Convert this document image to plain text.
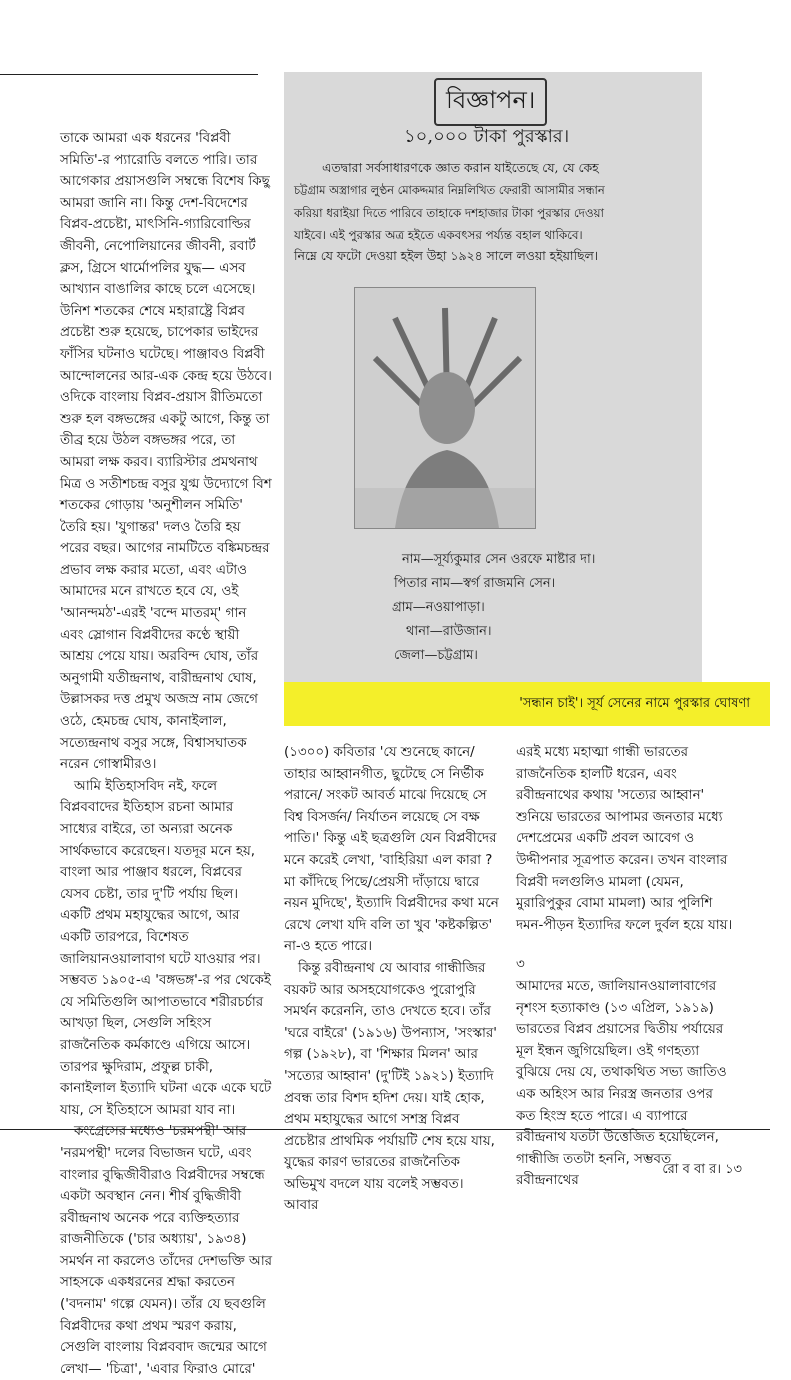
তাকে আমরা এক ধরনের 'বিপ্লবী সমিতি'-র প্যারোডি বলতে পারি। তার আগেকার প্রয়াসগুলি সম্বন্ধে বিশেষ কিছু আমরা জানি না। কিন্তু দেশ-বিদেশের বিপ্লব-প্রচেষ্টা, মাৎসিনি-গ্যারিবোল্ডির জীবনী, নেপোলিয়ানের জীবনী, রবার্ট ক্লস, গ্রিসে থার্মোপলির যুদ্ধ— এসব আখ্যান বাঙালির কাছে চলে এসেছে। উনিশ শতকের শেষে মহারাষ্ট্রে বিপ্লব প্রচেষ্টা শুরু হয়েছে, চাপেকার ভাইদের ফাঁসির ঘটনাও ঘটেছে। পাঞ্জাবও বিপ্লবী আন্দোলনের আর-এক কেন্দ্র হয়ে উঠবে। ওদিকে বাংলায় বিপ্লব-প্রয়াস রীতিমতো শুরু হল বঙ্গভঙ্গের একটু আগে, কিন্তু তা তীব্র হয়ে উঠল বঙ্গভঙ্গর পরে, তা আমরা লক্ষ করব। ব্যারিস্টার প্রমথনাথ মিত্র ও সতীশচন্দ্র বসুর যুগ্ম উদ্যোগে বিশ শতকের গোড়ায় 'অনুশীলন সমিতি' তৈরি হয়। 'যুগান্তর' দলও তৈরি হয় পরের বছর। আগের নামটিতে বঙ্কিমচন্দ্রর প্রভাব লক্ষ করার মতো, এবং এটাও আমাদের মনে রাখতে হবে যে, ওই 'আনন্দমঠ'-এরই 'বন্দে মাতরম্' গান এবং স্লোগান বিপ্লবীদের কণ্ঠে স্থায়ী আশ্রয় পেয়ে যায়। অরবিন্দ ঘোষ, তাঁর অনুগামী যতীন্দ্রনাথ, বারীন্দ্রনাথ ঘোষ, উল্লাসকর দত্ত প্রমুখ অজস্র নাম জেগে ওঠে, হেমচন্দ্র ঘোষ, কানাইলাল, সত্যেন্দ্রনাথ বসুর সঙ্গে, বিশ্বাসঘাতক নরেন গোস্বামীরও।

আমি ইতিহাসবিদ নই, ফলে বিপ্লববাদের ইতিহাস রচনা আমার সাধ্যের বাইরে, তা অন্যরা অনেক সার্থকভাবে করেছেন। যতদূর মনে হয়, বাংলা আর পাঞ্জাব ধরলে, বিপ্লবের যেসব চেষ্টা, তার দু'টি পর্যায় ছিল। একটি প্রথম মহাযুদ্ধের আগে, আর একটি তারপরে, বিশেষত জালিয়ানওয়ালাবাগ ঘটে যাওয়ার পর। সম্ভবত ১৯০৫-এ 'বঙ্গভঙ্গ'-র পর থেকেই যে সমিতিগুলি আপাতভাবে শরীরচর্চার আখড়া ছিল, সেগুলি সহিংস রাজনৈতিক কর্মকাণ্ডে এগিয়ে আসে। তারপর ক্ষুদিরাম, প্রফুল্ল চাকী, কানাইলাল ইত্যাদি ঘটনা একে একে ঘটে যায়, সে ইতিহাসে আমরা যাব না।

কংগ্রেসের মধ্যেও 'চরমপন্থী' আর 'নরমপন্থী' দলের বিভাজন ঘটে, এবং বাংলার বুদ্ধিজীবীরাও বিপ্লবীদের সম্বন্ধে একটা অবস্থান নেন। শীর্ষ বুদ্ধিজীবী রবীন্দ্রনাথ অনেক পরে ব্যক্তিহত্যার রাজনীতিকে ('চার অধ্যায়', ১৯৩৪) সমর্থন না করলেও তাঁদের দেশভক্তি আর সাহসকে একধরনের শ্রদ্ধা করতেন ('বদনাম' গল্পে যেমন)। তাঁর যে ছবগুলি বিপ্লবীদের কথা প্রথম স্মরণ করায়, সেগুলি বাংলায় বিপ্লববাদ জন্মের আগে লেখা— 'চিত্রা', 'এবার ফিরাও মোরে'

বিজ্ঞাপন।
১০,০০০ টাকা পুরস্কার।
এতদ্বারা সর্বসাধারণকে জ্ঞাত করান যাইতেছে যে, যে কেহ
চট্টগ্রাম অস্ত্রাগার লুণ্ঠন মোকদ্দমার নিম্নলিখিত ফেরারী আসামীর সন্ধান
করিয়া ধরাইয়া দিতে পারিবে তাহাকে দশহাজার টাকা পুরস্কার দেওয়া
যাইবে। এই পুরস্কার অত্র হইতে একবৎসর পর্য্যন্ত বহাল থাকিবে।
নিম্নে যে ফটো দেওয়া হইল উহা ১৯২৪ সালে লওয়া হইয়াছিল।
নাম—সূর্য্যকুমার সেন ওরফে মাষ্টার দা।
পিতার নাম—স্বর্গ রাজমনি সেন।
গ্রাম—নওয়াপাড়া।
থানা—রাউজান।
জেলা—চট্টগ্রাম।
'সন্ধান চাই'। সূর্য সেনের নামে পুরস্কার ঘোষণা

(১৩০০) কবিতার 'যে শুনেছে কানে/ তাহার আহ্বানগীত, ছুটেছে সে নির্ভীক পরানে/ সংকট আবর্ত মাঝে দিয়েছে সে বিশ্ব বিসর্জন/ নির্যাতন লয়েছে সে বক্ষ পাতি।' কিন্তু এই ছত্রগুলি যেন বিপ্লবীদের মনে করেই লেখা, 'বাহিরিয়া এল কারা ? মা কাঁদিছে পিছে/প্রেয়সী দাঁড়ায়ে দ্বারে নয়ন মুদিছে', ইত্যাদি বিপ্লবীদের কথা মনে রেখে লেখা যদি বলি তা খুব 'কষ্টকল্পিত' না-ও হতে পারে।

কিন্তু রবীন্দ্রনাথ যে আবার গান্ধীজির বয়কট আর অসহযোগকেও পুরোপুরি সমর্থন করেননি, তাও দেখতে হবে। তাঁর 'ঘরে বাইরে' (১৯১৬) উপন্যাস, 'সংস্কার' গল্প (১৯২৮), বা 'শিক্ষার মিলন' আর 'সত্যের আহ্বান' (দু'টিই ১৯২১) ইত্যাদি প্রবন্ধ তার বিশদ হদিশ দেয়। যাই হোক, প্রথম মহাযুদ্ধের আগে সশস্ত্র বিপ্লব প্রচেষ্টার প্রাথমিক পর্যায়টি শেষ হয়ে যায়, যুদ্ধের কারণ ভারতের রাজনৈতিক অভিমুখ বদলে যায় বলেই সম্ভবত। আবার

এরই মধ্যে মহাত্মা গান্ধী ভারতের রাজনৈতিক হালটি ধরেন, এবং রবীন্দ্রনাথের কথায় 'সত্যের আহ্বান' শুনিয়ে ভারতের আপামর জনতার মধ্যে দেশপ্রেমের একটি প্রবল আবেগ ও উদ্দীপনার সূত্রপাত করেন। তখন বাংলার বিপ্লবী দলগুলিও মামলা (যেমন, মুরারিপুকুর বোমা মামলা) আর পুলিশি দমন-পীড়ন ইত্যাদির ফলে দুর্বল হয়ে যায়।

৩

আমাদের মতে, জালিয়ানওয়ালাবাগের নৃশংস হত্যাকাণ্ড (১৩ এপ্রিল, ১৯১৯) ভারতের বিপ্লব প্রয়াসের দ্বিতীয় পর্যায়ের মূল ইন্ধন জুগিয়েছিল। ওই গণহত্যা বুঝিয়ে দেয় যে, তথাকথিত সভ্য জাতিও এক অহিংস আর নিরস্ত্র জনতার ওপর কত হিংস্র হতে পারে। এ ব্যাপারে রবীন্দ্রনাথ যতটা উত্তেজিত হয়েছিলেন, গান্ধীজি ততটা হননি, সম্ভবত রবীন্দ্রনাথের

রো ব বা র। ১৩
